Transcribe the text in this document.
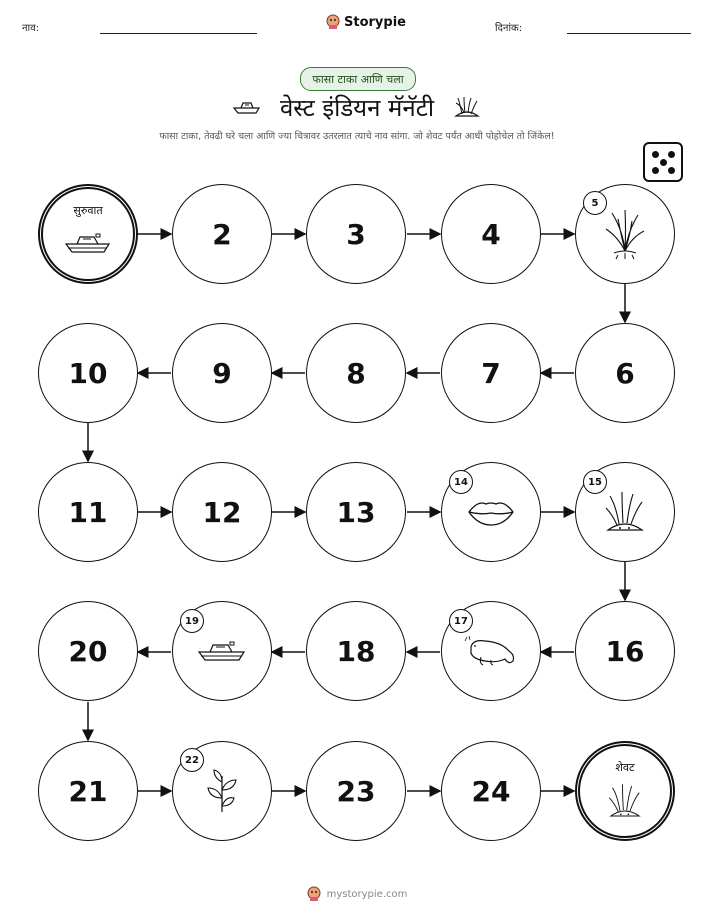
नाव:	Storypie	दिनांक:
फासा टाका आणि चला
वेस्ट इंडियन मॅनॅटी
फासा टाका, तेवढी घरे चला आणि ज्या चित्रावर उतरलात त्याचे नाव सांगा. जो शेवट पर्यंत आधी पोहोचेल तो जिंकेल!
सुरुवात
2	3	4
5
10	9	8	7	6
11	12	13
14	15
20
19
18
17
16
21
22
23	24
शेवट
mystorypie.com
